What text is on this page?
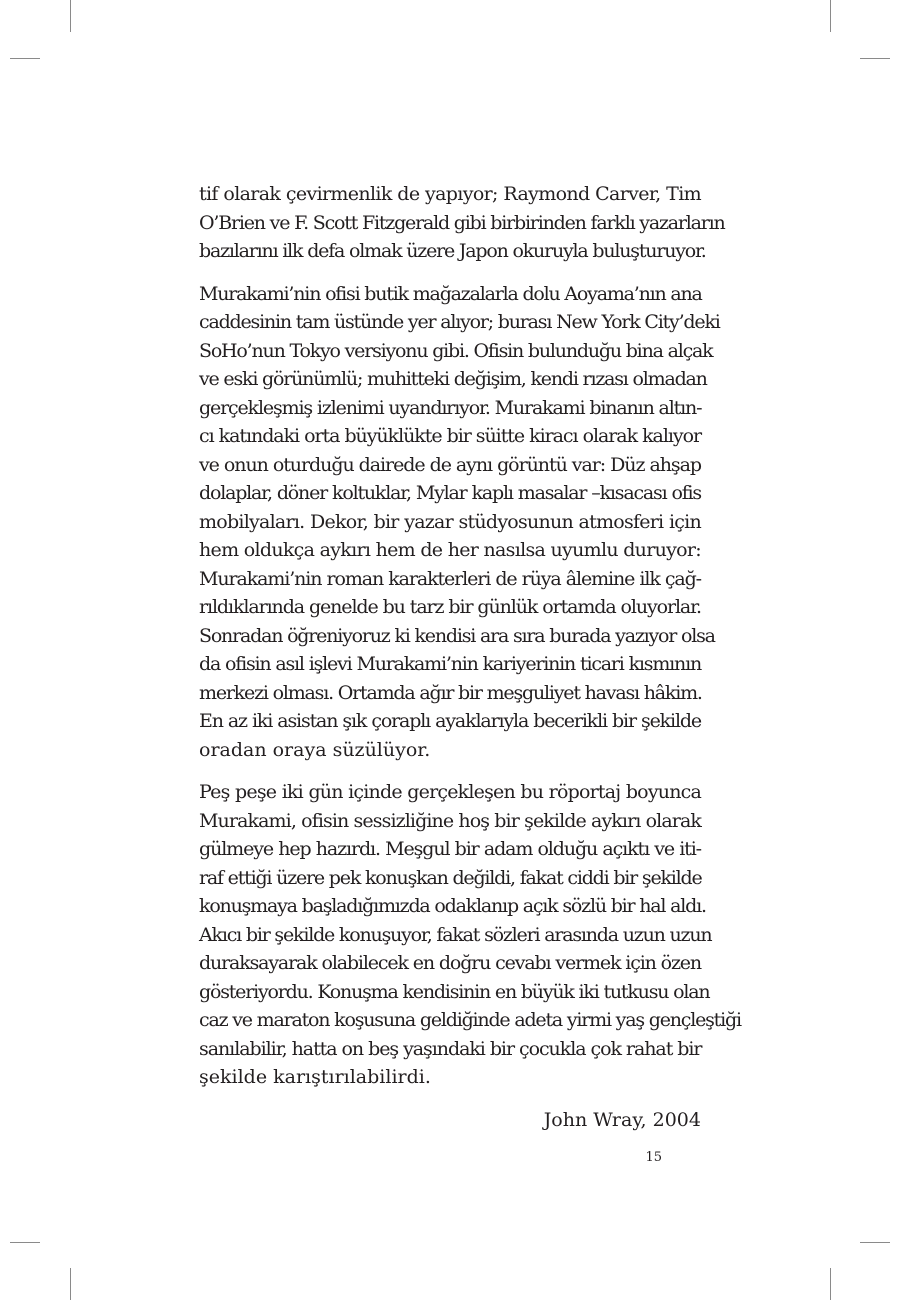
tif olarak çevirmenlik de yapıyor; Raymond Carver, Tim
O’Brien ve F. Scott Fitzgerald gibi birbirinden farklı yazarların
bazılarını ilk defa olmak üzere Japon okuruyla buluşturuyor.

Murakami’nin ofisi butik mağazalarla dolu Aoyama’nın ana
caddesinin tam üstünde yer alıyor; burası New York City’deki
SoHo’nun Tokyo versiyonu gibi. Ofisin bulunduğu bina alçak
ve eski görünümlü; muhitteki değişim, kendi rızası olmadan
gerçekleşmiş izlenimi uyandırıyor. Murakami binanın altın-
cı katındaki orta büyüklükte bir süitte kiracı olarak kalıyor
ve onun oturduğu dairede de aynı görüntü var: Düz ahşap
dolaplar, döner koltuklar, Mylar kaplı masalar –kısacası ofis
mobilyaları. Dekor, bir yazar stüdyosunun atmosferi için
hem oldukça aykırı hem de her nasılsa uyumlu duruyor:
Murakami’nin roman karakterleri de rüya âlemine ilk çağ-
rıldıklarında genelde bu tarz bir günlük ortamda oluyorlar.
Sonradan öğreniyoruz ki kendisi ara sıra burada yazıyor olsa
da ofisin asıl işlevi Murakami’nin kariyerinin ticari kısmının
merkezi olması. Ortamda ağır bir meşguliyet havası hâkim.
En az iki asistan şık çoraplı ayaklarıyla becerikli bir şekilde
oradan oraya süzülüyor.

Peş peşe iki gün içinde gerçekleşen bu röportaj boyunca
Murakami, ofisin sessizliğine hoş bir şekilde aykırı olarak
gülmeye hep hazırdı. Meşgul bir adam olduğu açıktı ve iti-
raf ettiği üzere pek konuşkan değildi, fakat ciddi bir şekilde
konuşmaya başladığımızda odaklanıp açık sözlü bir hal aldı.
Akıcı bir şekilde konuşuyor, fakat sözleri arasında uzun uzun
duraksayarak olabilecek en doğru cevabı vermek için özen
gösteriyordu. Konuşma kendisinin en büyük iki tutkusu olan
caz ve maraton koşusuna geldiğinde adeta yirmi yaş gençleştiği
sanılabilir, hatta on beş yaşındaki bir çocukla çok rahat bir
şekilde karıştırılabilirdi.

John Wray, 2004

15
